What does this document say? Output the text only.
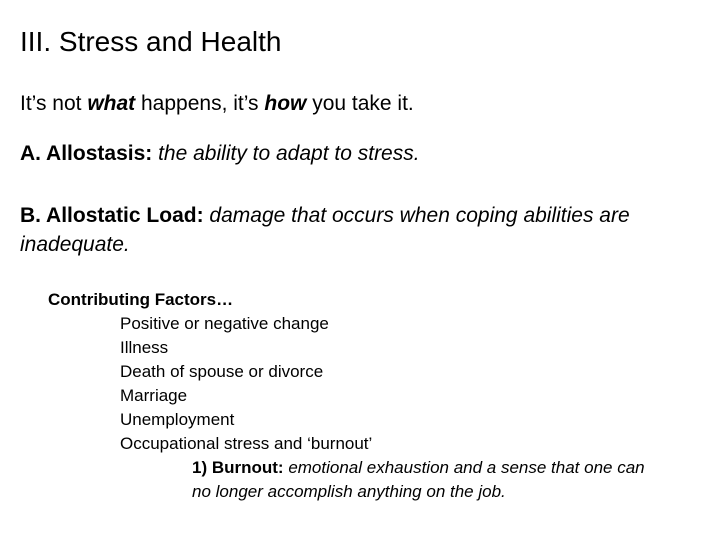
III. Stress and Health
It’s not what happens, it’s how you take it.
A. Allostasis: the ability to adapt to stress.
B. Allostatic Load: damage that occurs when coping abilities are inadequate.
Contributing Factors…
Positive or negative change
Illness
Death of spouse or divorce
Marriage
Unemployment
Occupational stress and ‘burnout’
1) Burnout: emotional exhaustion and a sense that one can no longer accomplish anything on the job.
